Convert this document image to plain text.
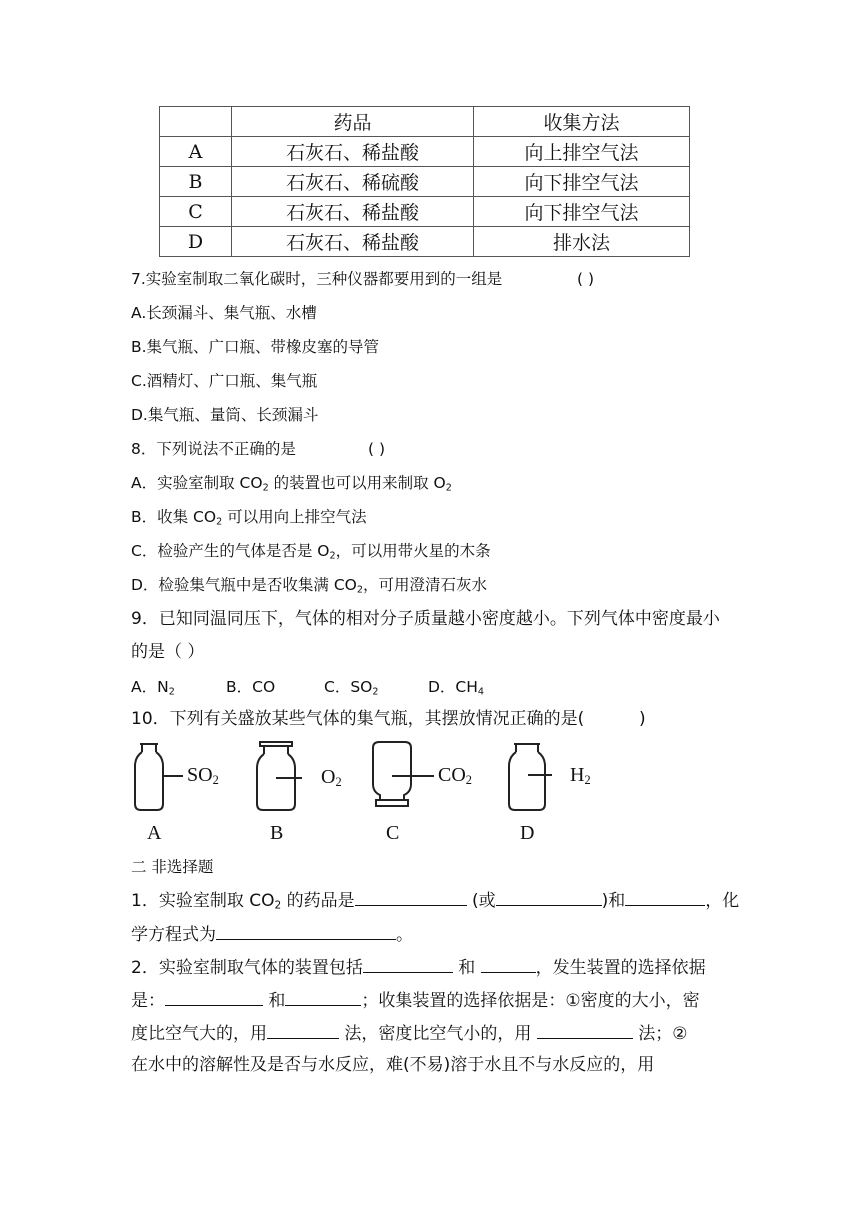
	药品	收集方法
A	石灰石、稀盐酸	向上排空气法
B	石灰石、稀硫酸	向下排空气法
C	石灰石、稀盐酸	向下排空气法
D	石灰石、稀盐酸	排水法
7.实验室制取二氧化碳时，三种仪器都要用到的一组是	( )
A.长颈漏斗、集气瓶、水槽
B.集气瓶、广口瓶、带橡皮塞的导管
C.酒精灯、广口瓶、集气瓶
D.集气瓶、量筒、长颈漏斗
8．下列说法不正确的是	( )
A．实验室制取 $CO_2$ 的装置也可以用来制取 $O_2$
B．收集 $CO_2$ 可以用向上排空气法
C．检验产生的气体是否是 $O_2$，可以用带火星的木条
D．检验集气瓶中是否收集满 $CO_2$，可用澄清石灰水
9．已知同温同压下，气体的相对分子质量越小密度越小。下列气体中密度最小
的是（ ）
A．$N_2$	B．CO	C．$SO_2$	D．$CH_4$
10．下列有关盛放某些气体的集气瓶，其摆放情况正确的是(	)
$SO_2$	$O_2$	$CO_2$	$H_2$
A	B	C	D
二 非选择题
1．实验室制取 $CO_2$ 的药品是	(或	)和	，化
学方程式为	。
2．实验室制取气体的装置包括	和	，发生装置的选择依据
是：	和	；收集装置的选择依据是：①密度的大小，密
度比空气大的，用	法，密度比空气小的，用	法；②
在水中的溶解性及是否与水反应，难(不易)溶于水且不与水反应的，用
